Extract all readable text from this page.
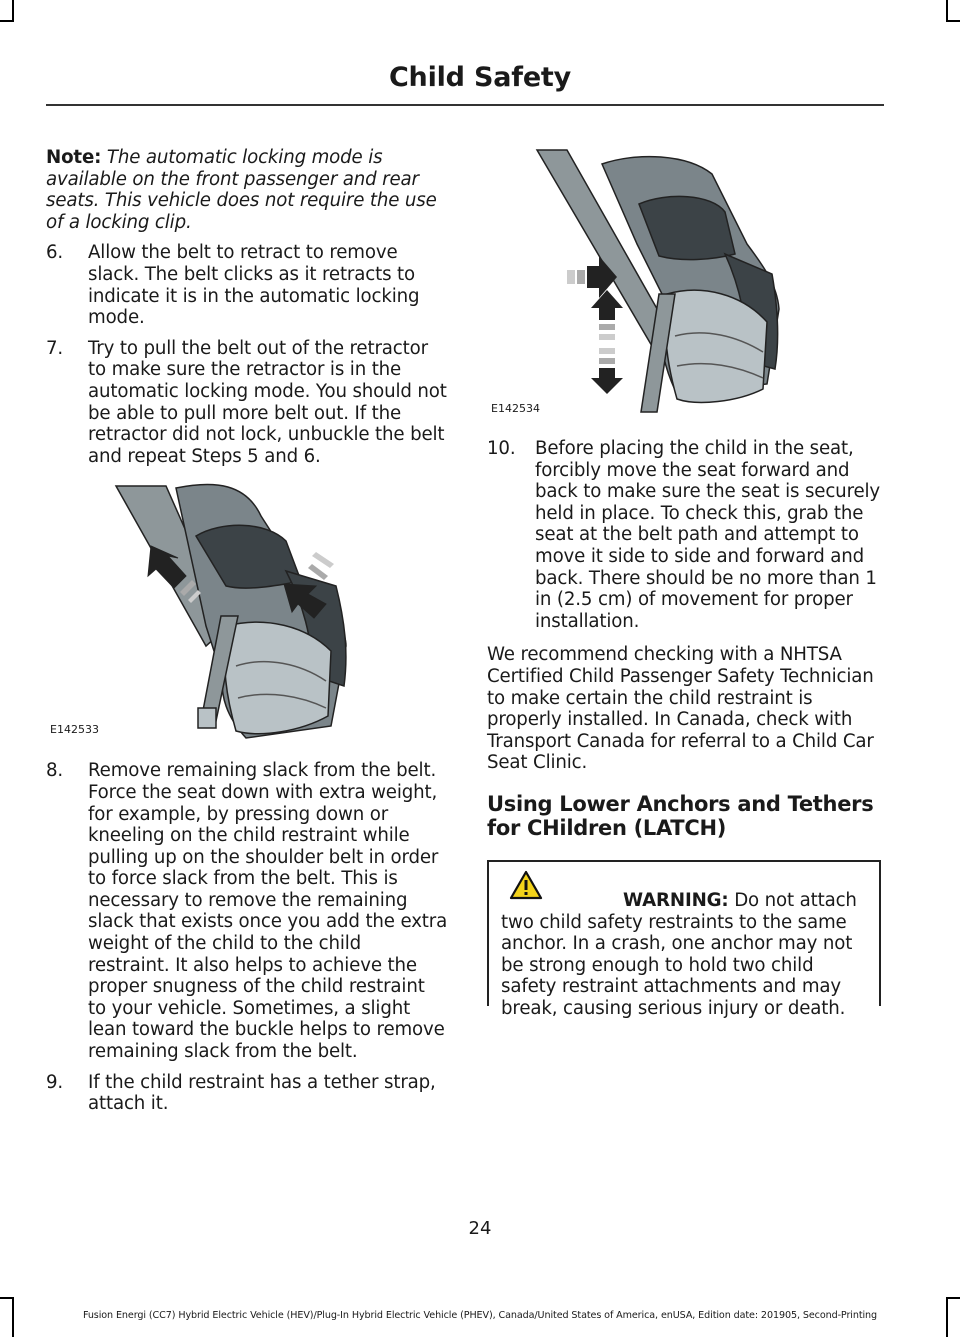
Child Safety

Note: The automatic locking mode is available on the front passenger and rear seats. This vehicle does not require the use of a locking clip.

6.	Allow the belt to retract to remove slack. The belt clicks as it retracts to indicate it is in the automatic locking mode.
7.	Try to pull the belt out of the retractor to make sure the retractor is in the automatic locking mode. You should not be able to pull more belt out. If the retractor did not lock, unbuckle the belt and repeat Steps 5 and 6.
E142533
8.	Remove remaining slack from the belt. Force the seat down with extra weight, for example, by pressing down or kneeling on the child restraint while pulling up on the shoulder belt in order to force slack from the belt. This is necessary to remove the remaining slack that exists once you add the extra weight of the child to the child restraint. It also helps to achieve the proper snugness of the child restraint to your vehicle. Sometimes, a slight lean toward the buckle helps to remove remaining slack from the belt.
9.	If the child restraint has a tether strap, attach it.
E142534
10.	Before placing the child in the seat, forcibly move the seat forward and back to make sure the seat is securely held in place. To check this, grab the seat at the belt path and attempt to move it side to side and forward and back. There should be no more than 1 in (2.5 cm) of movement for proper installation.

We recommend checking with a NHTSA Certified Child Passenger Safety Technician to make certain the child restraint is properly installed. In Canada, check with Transport Canada for referral to a Child Car Seat Clinic.

Using Lower Anchors and Tethers for CHildren (LATCH)
WARNING: Do not attach two child safety restraints to the same anchor. In a crash, one anchor may not be strong enough to hold two child safety restraint attachments and may break, causing serious injury or death.
24
Fusion Energi (CC7) Hybrid Electric Vehicle (HEV)/Plug-In Hybrid Electric Vehicle (PHEV), Canada/United States of America, enUSA, Edition date: 201905, Second-Printing
